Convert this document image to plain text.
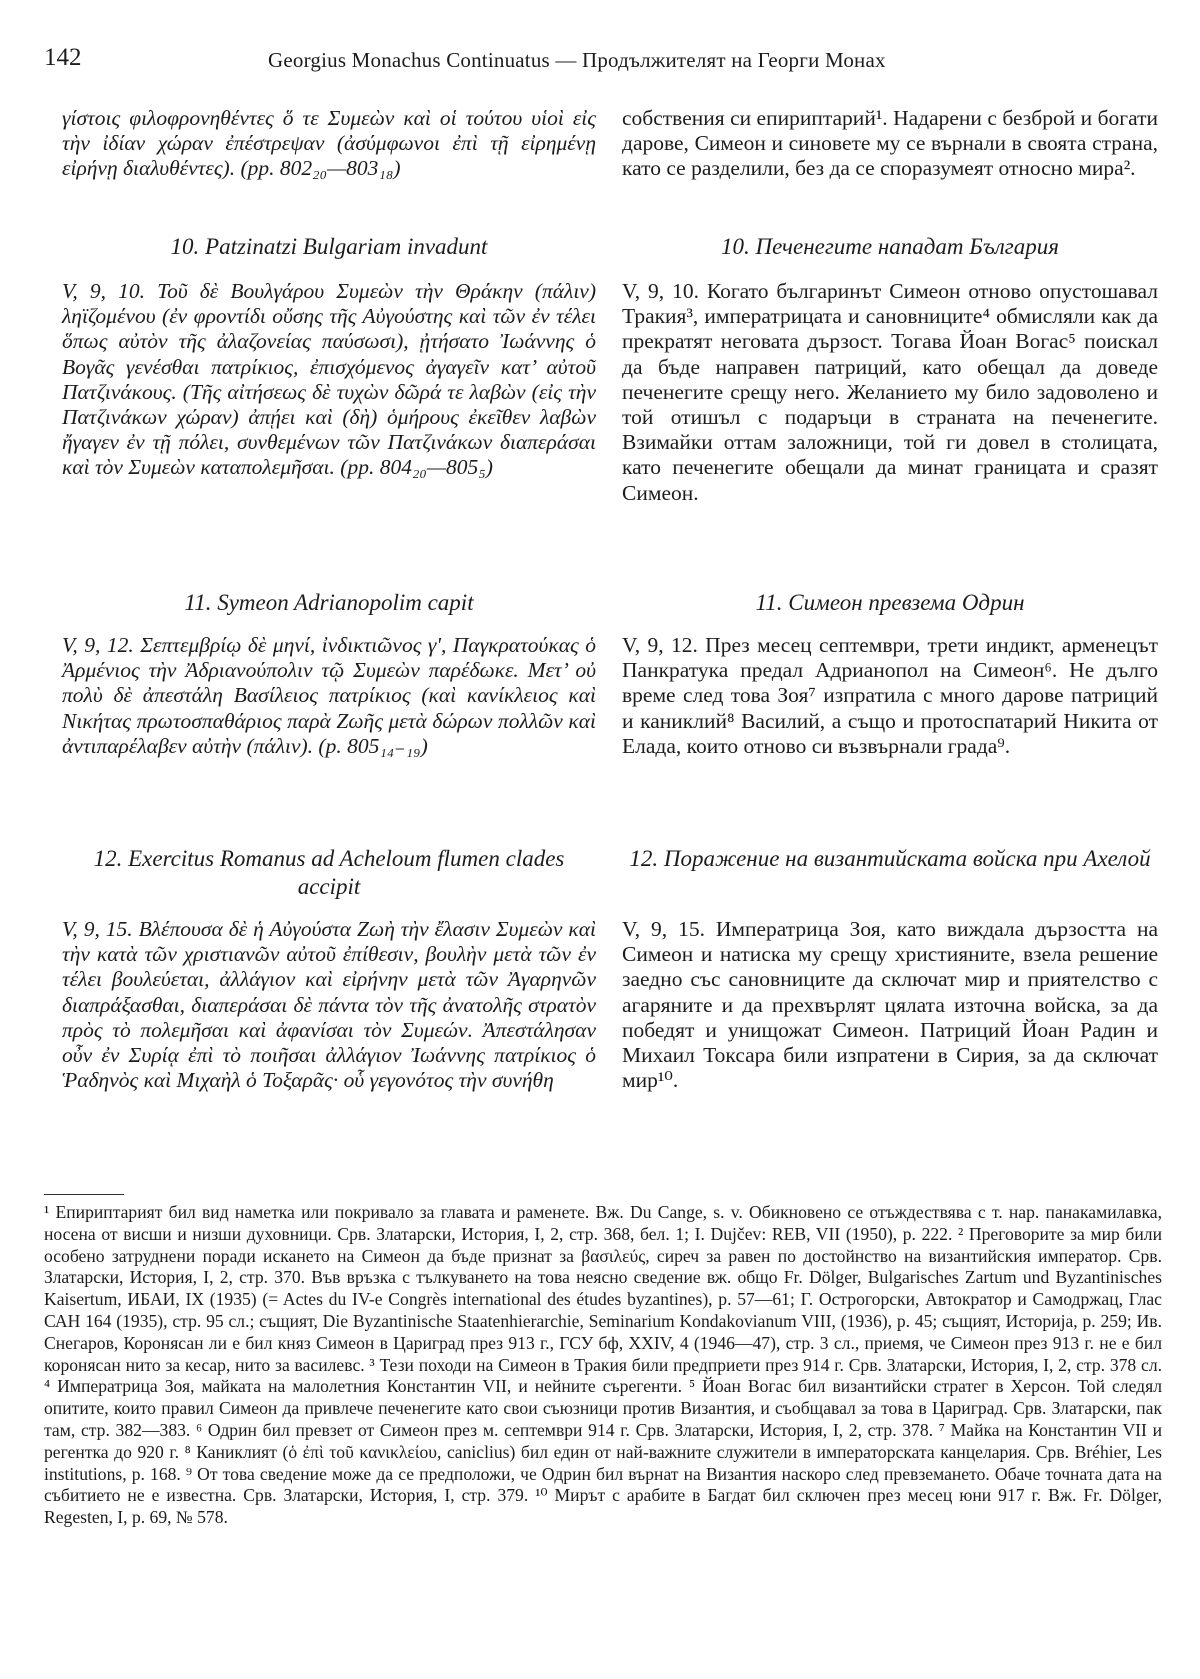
142	Georgius Monachus Continuatus — Продължителят на Георги Монах

γίστοις φιλοφρονηθέντες ὅ τε Συμεὼν καὶ οἱ τούτου υἱοὶ εἰς τὴν ἰδίαν χώραν ἐπέστρεψαν (ἀσύμφωνοι ἐπὶ τῇ εἰρημένῃ εἰρήνῃ διαλυθέντες). (pp. 802₂₀—803₁₈)

10. Patzinatzi Bulgariam invadunt

V, 9, 10. Τοῦ δὲ Βουλγάρου Συμεὼν τὴν Θράκην (πάλιν) ληϊζομένου (ἐν φροντίδι οὔσης τῆς Αὐγούστης καὶ τῶν ἐν τέλει ὅπως αὐτὸν τῆς ἀλαζονείας παύσωσι), ᾐτήσατο Ἰωάννης ὁ Βογᾶς γενέσθαι πατρίκιος, ἐπισχόμενος ἀγαγεῖν κατ’ αὐτοῦ Πατζινάκους. (Τῆς αἰτήσεως δὲ τυχὼν δῶρά τε λαβὼν (εἰς τὴν Πατζινάκων χώραν) ἀπῄει καὶ (δὴ) ὁμήρους ἐκεῖθεν λαβὼν ἤγαγεν ἐν τῇ πόλει, συνθεμένων τῶν Πατζινάκων διαπεράσαι καὶ τὸν Συμεὼν καταπολεμῆσαι. (pp. 804₂₀—805₅)

11. Symeon Adrianopolim capit

V, 9, 12. Σεπτεμβρίῳ δὲ μηνί, ἰνδικτιῶνος γʹ, Παγκρατούκας ὁ Ἀρμένιος τὴν Ἀδριανούπολιν τῷ Συμεὼν παρέδωκε. Μετ’ οὐ πολὺ δὲ ἀπεστάλη Βασίλειος πατρίκιος (καὶ κανίκλειος καὶ Νικήτας πρωτοσπαθάριος παρὰ Ζωῆς μετὰ δώρων πολλῶν καὶ ἀντιπαρέλαβεν αὐτὴν (πάλιν). (p. 805₁₄₋₁₉)

12. Exercitus Romanus ad Acheloum flumen clades accipit

V, 9, 15. Βλέπουσα δὲ ἡ Αὐγούστα Ζωὴ τὴν ἔλασιν Συμεὼν καὶ τὴν κατὰ τῶν χριστιανῶν αὐτοῦ ἐπίθεσιν, βουλὴν μετὰ τῶν ἐν τέλει βουλεύεται, ἀλλάγιον καὶ εἰρήνην μετὰ τῶν Ἀγαρηνῶν διαπράξασθαι, διαπεράσαι δὲ πάντα τὸν τῆς ἀνατολῆς στρατὸν πρὸς τὸ πολεμῆσαι καὶ ἀφανίσαι τὸν Συμεών. Ἀπεστάλησαν οὖν ἐν Συρίᾳ ἐπὶ τὸ ποιῆσαι ἀλλάγιον Ἰωάννης πατρίκιος ὁ Ῥαδηνὸς καὶ Μιχαὴλ ὁ Τοξαρᾶς· οὗ γεγονότος τὴν συνήθη

собствения си епириптарий¹. Надарени с безброй и богати дарове, Симеон и синовете му се върнали в своята страна, като се разделили, без да се споразумеят относно мира².

10. Печенегите нападат България

V, 9, 10. Когато българинът Симеон отново опустошавал Тракия³, императрицата и сановниците⁴ обмисляли как да прекратят неговата дързост. Тогава Йоан Вогас⁵ поискал да бъде направен патриций, като обещал да доведе печенегите срещу него. Желанието му било задоволено и той отишъл с подаръци в страната на печенегите. Взимайки оттам заложници, той ги довел в столицата, като печенегите обещали да минат границата и сразят Симеон.

11. Симеон превзема Одрин

V, 9, 12. През месец септември, трети индикт, арменецът Панкратука предал Адрианопол на Симеон⁶. Не дълго време след това Зоя⁷ изпратила с много дарове патриций и каниклий⁸ Василий, а също и протоспатарий Никита от Елада, които отново си възвърнали града⁹.

12. Поражение на византийската войска при Ахелой

V, 9, 15. Императрица Зоя, като виждала дързостта на Симеон и натиска му срещу християните, взела решение заедно със сановниците да сключат мир и приятелство с агаряните и да прехвърлят цялата източна войска, за да победят и унищожат Симеон. Патриций Йоан Радин и Михаил Токсара били изпратени в Сирия, за да сключат мир¹⁰.

¹ Епириптарият бил вид наметка или покривало за главата и раменете. Вж. Du Cange, s. v. Обикновено се отъждествява с т. нар. панакамилавка, носена от висши и низши духовници. Срв. Златарски, История, I, 2, стр. 368, бел. 1; I. Dujčev: REB, VII (1950), р. 222. ² Преговорите за мир били особено затруднени поради искането на Симеон да бъде признат за βασιλεύς, сиреч за равен по достойнство на византийския император. Срв. Златарски, История, I, 2, стр. 370. Във връзка с тълкуването на това неясно сведение вж. общо Fr. Dölger, Bulgarisches Zartum und Byzantinisches Kaisertum, ИБАИ, IX (1935) (= Actes du IV-e Congrès international des études byzantines), p. 57—61; Г. Острогорски, Автократор и Самодржац, Глас САН 164 (1935), стр. 95 сл.; същият, Die Byzantinische Staatenhierarchie, Seminarium Kondakovianum VIII, (1936), p. 45; същият, Историја, p. 259; Ив. Снегаров, Коронясан ли е бил княз Симеон в Цариград през 913 г., ГСУ бф, XXIV, 4 (1946—47), стр. 3 сл., приемя, че Симеон през 913 г. не е бил коронясан нито за кесар, нито за василевс. ³ Тези походи на Симеон в Тракия били предприети през 914 г. Срв. Златарски, История, I, 2, стр. 378 сл. ⁴ Императрица Зоя, майката на малолетния Константин VII, и нейните сърегенти. ⁵ Йоан Вогас бил византийски стратег в Херсон. Той следял опитите, които правил Симеон да привлече печенегите като свои съюзници против Византия, и съобщавал за това в Цариград. Срв. Златарски, пак там, стр. 382—383. ⁶ Одрин бил превзет от Симеон през м. септември 914 г. Срв. Златарски, История, I, 2, стр. 378. ⁷ Майка на Константин VII и регентка до 920 г. ⁸ Каниклият (ὁ ἐπὶ τοῦ κανικλείου, caniclius) бил един от най-важните служители в императорската канцелария. Срв. Bréhier, Les institutions, p. 168. ⁹ От това сведение може да се предположи, че Одрин бил върнат на Византия наскоро след превземането. Обаче точната дата на събитието не е известна. Срв. Златарски, История, I, стр. 379. ¹⁰ Мирът с арабите в Багдат бил сключен през месец юни 917 г. Вж. Fr. Dölger, Regesten, I, p. 69, № 578.
